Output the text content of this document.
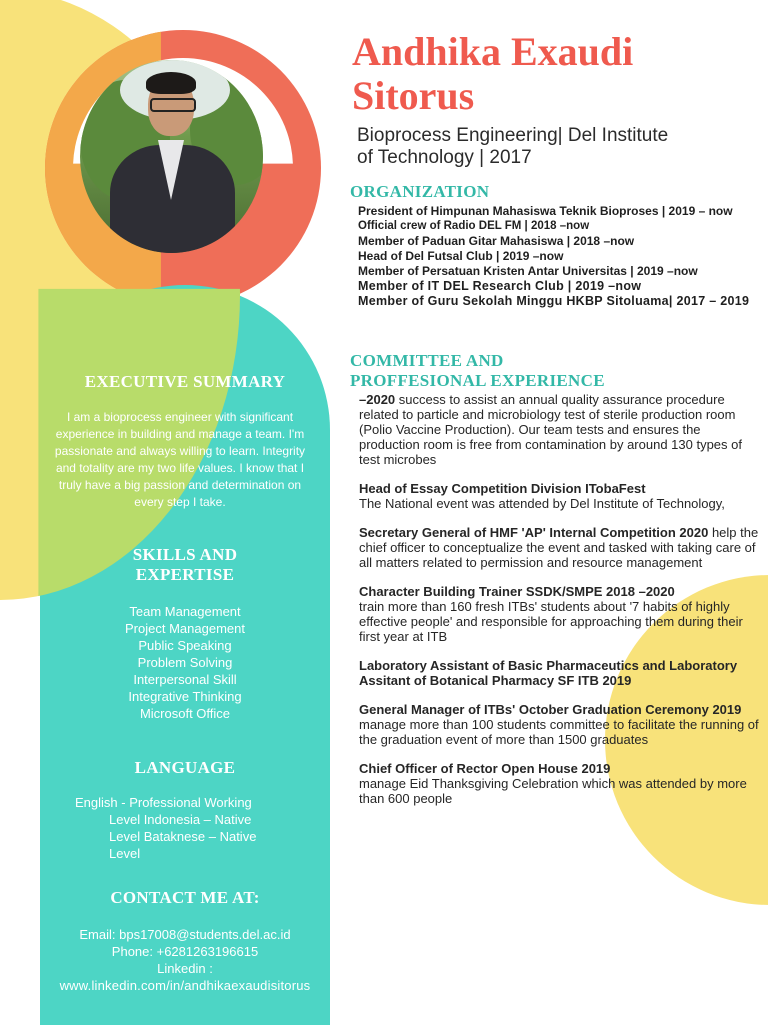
Andhika Exaudi
Sitorus
Bioprocess Engineering| Del Institute
of Technology | 2017
ORGANIZATION
President of Himpunan Mahasiswa Teknik Bioproses | 2019 – now
Official crew of Radio DEL FM | 2018 –now
Member of Paduan Gitar Mahasiswa | 2018 –now
Head of Del Futsal Club | 2019 –now
Member of Persatuan Kristen Antar Universitas | 2019 –now
Member of IT DEL Research Club | 2019 –now
Member of Guru Sekolah Minggu HKBP Sitoluama| 2017 – 2019
COMMITTEE AND
PROFFESIONAL EXPERIENCE
–2020 success to assist an annual quality assurance procedure related to particle and microbiology test of sterile production room (Polio Vaccine Production). Our team tests and ensures the production room is free from contamination by around 130 types of test microbes
Head of Essay Competition Division ITobaFest
The National event was attended by Del Institute of Technology,
Secretary General of HMF 'AP' Internal Competition 2020 help the chief officer to conceptualize the event and tasked with taking care of all matters related to permission and resource management
Character Building Trainer SSDK/SMPE 2018 –2020
train more than 160 fresh ITBs' students about '7 habits of highly effective people' and responsible for approaching them during their first year at ITB
Laboratory Assistant of Basic Pharmaceutics and Laboratory Assitant of Botanical Pharmacy SF ITB 2019
General Manager of ITBs' October Graduation Ceremony 2019
manage more than 100 students committee to facilitate the running of the graduation event of more than 1500 graduates
Chief Officer of Rector Open House 2019
manage Eid Thanksgiving Celebration which was attended by more than 600 people
EXECUTIVE SUMMARY
I am a bioprocess engineer with significant experience in building and manage a team. I'm passionate and always willing to learn. Integrity and totality are my two life values. I know that I truly have a big passion and determination on every step I take.
SKILLS AND
EXPERTISE
Team Management
Project Management
Public Speaking
Problem Solving
Interpersonal Skill
Integrative Thinking
Microsoft Office
LANGUAGE
English - Professional Working
Level Indonesia – Native
Level Bataknese – Native
Level
CONTACT ME AT:
Email: bps17008@students.del.ac.id
Phone: +6281263196615
Linkedin :
www.linkedin.com/in/andhikaexaudisitorus
